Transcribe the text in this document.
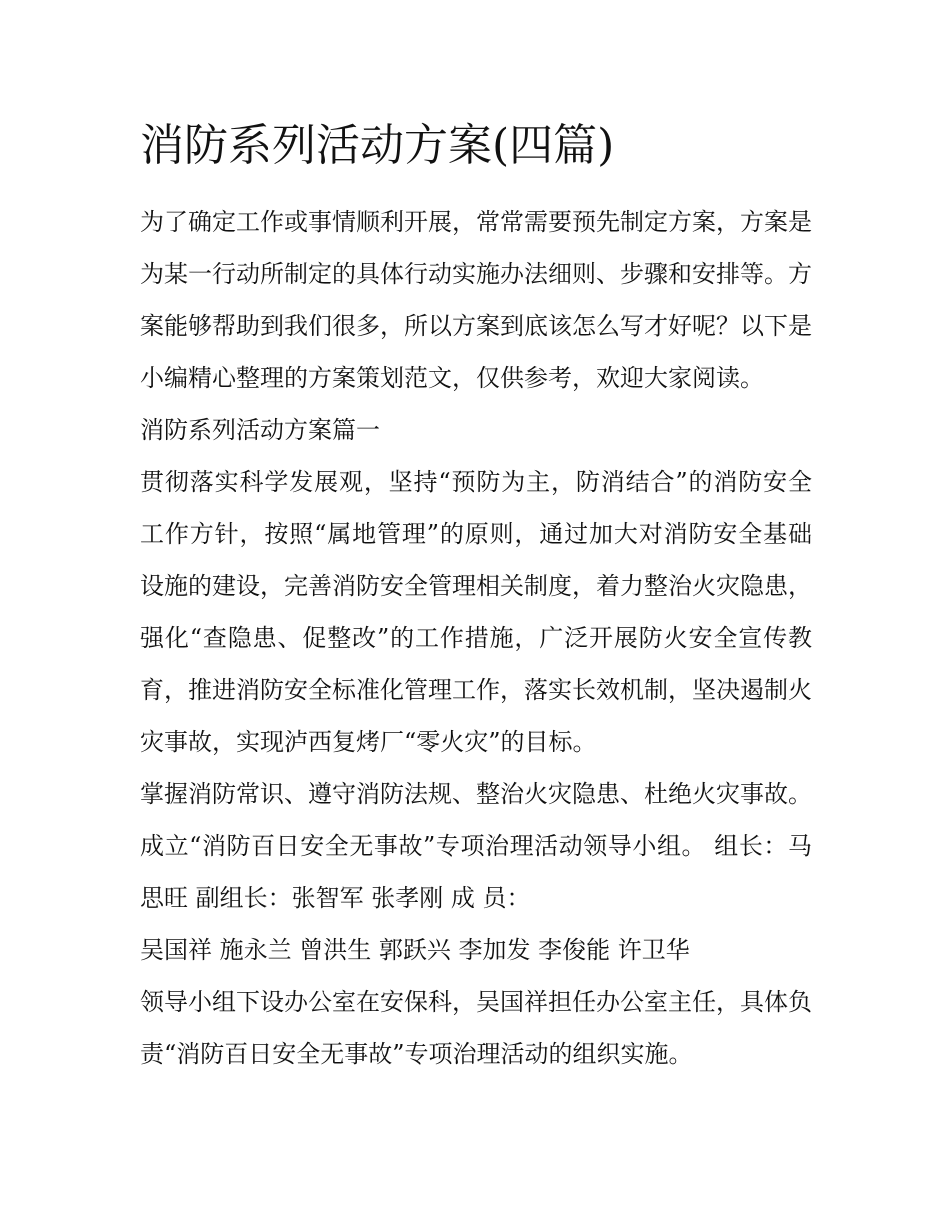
消防系列活动方案(四篇)

为了确定工作或事情顺利开展，常常需要预先制定方案，方案是为某一行动所制定的具体行动实施办法细则、步骤和安排等。方案能够帮助到我们很多，所以方案到底该怎么写才好呢？以下是小编精心整理的方案策划范文，仅供参考，欢迎大家阅读。

消防系列活动方案篇一

贯彻落实科学发展观，坚持“预防为主，防消结合”的消防安全工作方针，按照“属地管理”的原则，通过加大对消防安全基础设施的建设，完善消防安全管理相关制度，着力整治火灾隐患，强化“查隐患、促整改”的工作措施，广泛开展防火安全宣传教育，推进消防安全标准化管理工作，落实长效机制，坚决遏制火灾事故，实现泸西复烤厂“零火灾”的目标。

掌握消防常识、遵守消防法规、整治火灾隐患、杜绝火灾事故。 成立“消防百日安全无事故”专项治理活动领导小组。 组长：马思旺 副组长：张智军 张孝刚 成 员：

吴国祥 施永兰 曾洪生 郭跃兴 李加发 李俊能 许卫华

领导小组下设办公室在安保科，吴国祥担任办公室主任，具体负责“消防百日安全无事故”专项治理活动的组织实施。
